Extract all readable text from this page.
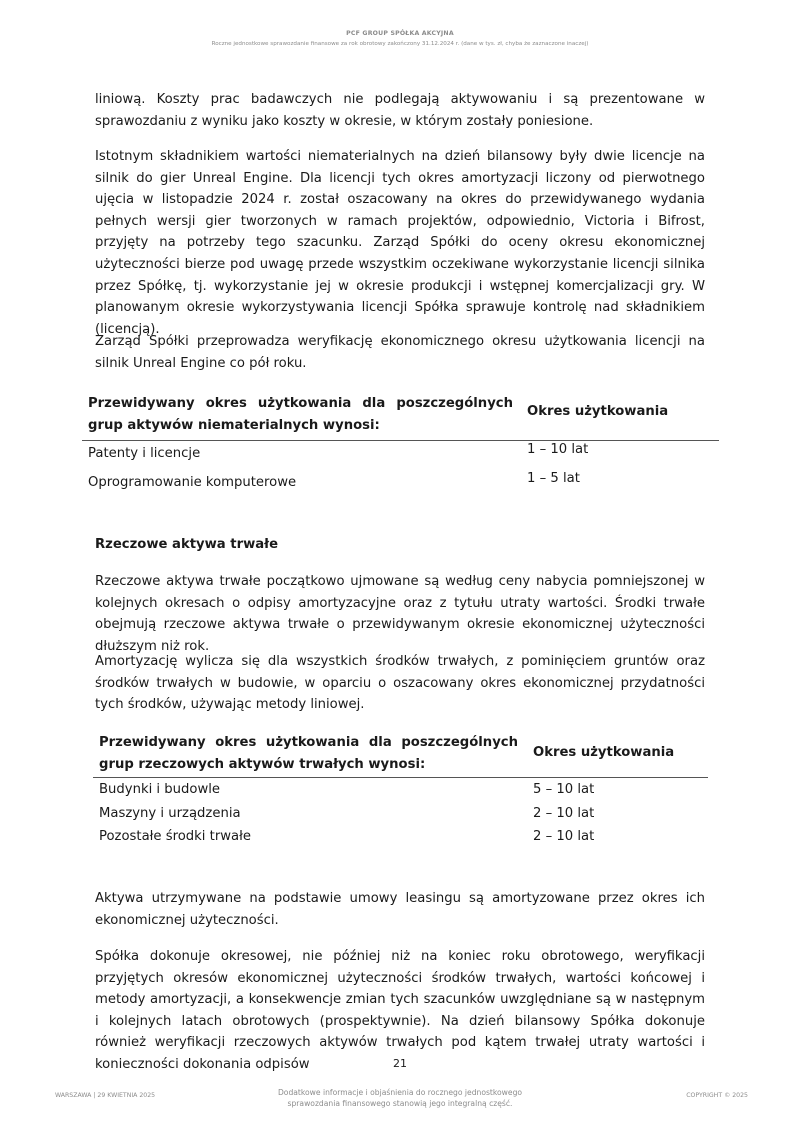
PCF GROUP SPÓŁKA AKCYJNA
Roczne jednostkowe sprawozdanie finansowe za rok obrotowy zakończony 31.12.2024 r. (dane w tys. zł, chyba że zaznaczone inaczej)

liniową. Koszty prac badawczych nie podlegają aktywowaniu i są prezentowane w sprawozdaniu z wyniku jako koszty w okresie, w którym zostały poniesione.

Istotnym składnikiem wartości niematerialnych na dzień bilansowy były dwie licencje na silnik do gier Unreal Engine. Dla licencji tych okres amortyzacji liczony od pierwotnego ujęcia w listopadzie 2024 r. został oszacowany na okres do przewidywanego wydania pełnych wersji gier tworzonych w ramach projektów, odpowiednio, Victoria i Bifrost, przyjęty na potrzeby tego szacunku. Zarząd Spółki do oceny okresu ekonomicznej użyteczności bierze pod uwagę przede wszystkim oczekiwane wykorzystanie licencji silnika przez Spółkę, tj. wykorzystanie jej w okresie produkcji i wstępnej komercjalizacji gry. W planowanym okresie wykorzystywania licencji Spółka sprawuje kontrolę nad składnikiem (licencją).

Zarząd Spółki przeprowadza weryfikację ekonomicznego okresu użytkowania licencji na silnik Unreal Engine co pół roku.

Przewidywany okres użytkowania dla poszczególnych grup aktywów niematerialnych wynosi:
Okres użytkowania
Patenty i licencje	1 – 10 lat
Oprogramowanie komputerowe	1 – 5 lat
Rzeczowe aktywa trwałe

Rzeczowe aktywa trwałe początkowo ujmowane są według ceny nabycia pomniejszonej w kolejnych okresach o odpisy amortyzacyjne oraz z tytułu utraty wartości. Środki trwałe obejmują rzeczowe aktywa trwałe o przewidywanym okresie ekonomicznej użyteczności dłuższym niż rok.

Amortyzację wylicza się dla wszystkich środków trwałych, z pominięciem gruntów oraz środków trwałych w budowie, w oparciu o oszacowany okres ekonomicznej przydatności tych środków, używając metody liniowej.

Przewidywany okres użytkowania dla poszczególnych grup rzeczowych aktywów trwałych wynosi:
Okres użytkowania
Budynki i budowle	5 – 10 lat
Maszyny i urządzenia	2 – 10 lat
Pozostałe środki trwałe	2 – 10 lat

Aktywa utrzymywane na podstawie umowy leasingu są amortyzowane przez okres ich ekonomicznej użyteczności.

Spółka dokonuje okresowej, nie później niż na koniec roku obrotowego, weryfikacji przyjętych okresów ekonomicznej użyteczności środków trwałych, wartości końcowej i metody amortyzacji, a konsekwencje zmian tych szacunków uwzględniane są w następnym i kolejnych latach obrotowych (prospektywnie). Na dzień bilansowy Spółka dokonuje również weryfikacji rzeczowych aktywów trwałych pod kątem trwałej utraty wartości i konieczności dokonania odpisów	21
WARSZAWA | 29 KWIETNIA 2025	Dodatkowe informacje i objaśnienia do rocznego jednostkowego
sprawozdania finansowego stanowią jego integralną część.
COPYRIGHT © 2025
